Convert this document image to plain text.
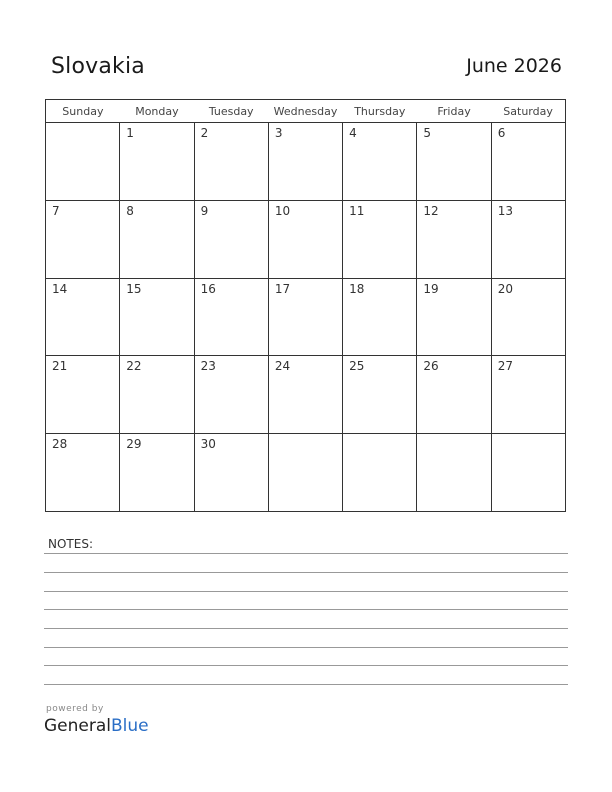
Slovakia	June 2026
Sunday	Monday	Tuesday	Wednesday	Thursday	Friday	Saturday

	1	2	3	4	5	6

7	8	9	10	11	12	13

14	15	16	17	18	19	20

21	22	23	24	25	26	27

28	29	30				

NOTES:
powered by
GeneralBlue
